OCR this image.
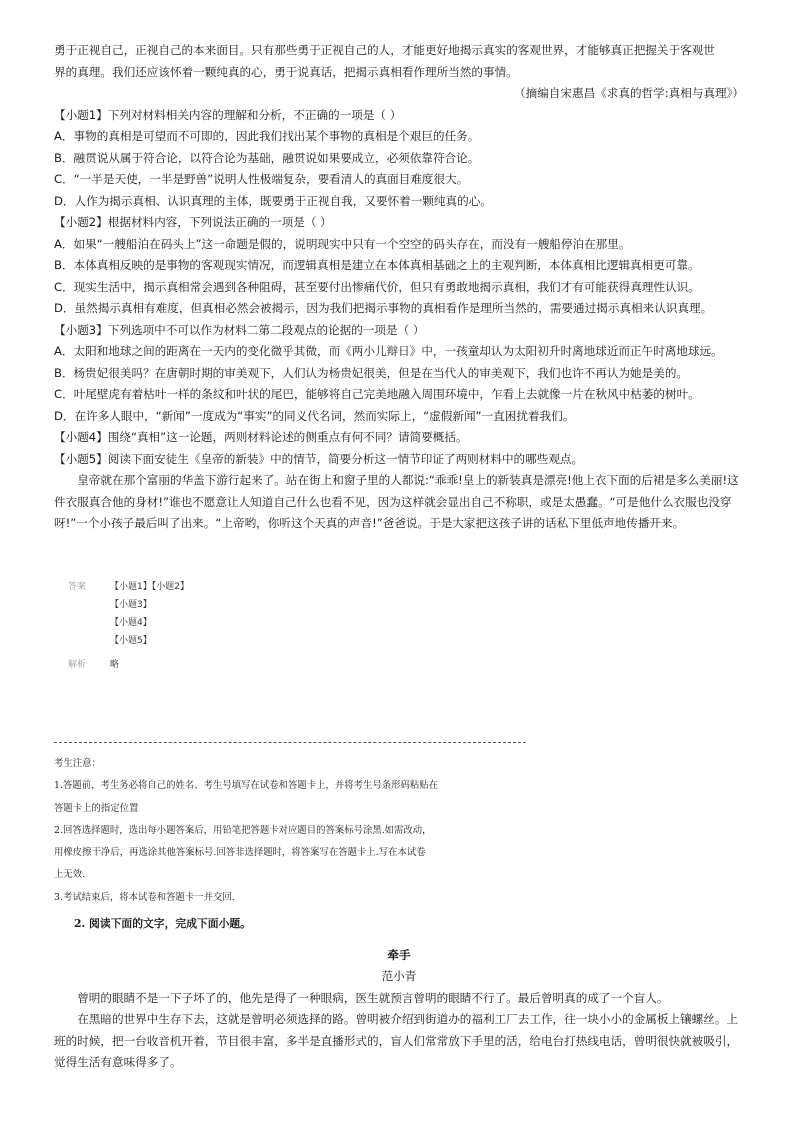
勇于正视自己，正视自己的本来面目。只有那些勇于正视自己的人，才能更好地揭示真实的客观世界，才能够真正把握关于客观世

界的真理。我们还应该怀着一颗纯真的心，勇于说真话，把揭示真相看作理所当然的事情。

（摘编自宋惠昌《求真的哲学:真相与真理》）

【小题1】下列对材料相关内容的理解和分析，不正确的一项是（ ）

A．事物的真相是可望而不可即的，因此我们找出某个事物的真相是个艰巨的任务。

B．融贯说从属于符合论，以符合论为基础，融贯说如果要成立，必须依靠符合论。

C．“一半是天使，一半是野兽”说明人性极端复杂，要看清人的真面目难度很大。

D．人作为揭示真相、认识真理的主体，既要勇于正视自我，又要怀着一颗纯真的心。

【小题2】根据材料内容，下列说法正确的一项是（ ）

A．如果“一艘船泊在码头上”这一命题是假的，说明现实中只有一个空空的码头存在，而没有一艘船停泊在那里。

B．本体真相反映的是事物的客观现实情况，而逻辑真相是建立在本体真相基础之上的主观判断，本体真相比逻辑真相更可靠。

C．现实生活中，揭示真相常会遇到各种阻碍，甚至要付出惨痛代价，但只有勇敢地揭示真相，我们才有可能获得真理性认识。

D．虽然揭示真相有难度，但真相必然会被揭示，因为我们把揭示事物的真相看作是理所当然的，需要通过揭示真相来认识真理。

【小题3】下列选项中不可以作为材料二第二段观点的论据的一项是（ ）

A．太阳和地球之间的距离在一天内的变化微乎其微，而《两小儿辩日》中，一孩童却认为太阳初升时离地球近而正午时离地球远。

B．杨贵妃很美吗？在唐朝时期的审美观下，人们认为杨贵妃很美，但是在当代人的审美观下，我们也许不再认为她是美的。

C．叶尾壁虎有着枯叶一样的条纹和叶状的尾巴，能够将自己完美地融入周围环境中，乍看上去就像一片在秋风中枯萎的树叶。

D．在许多人眼中，“新闻”一度成为“事实”的同义代名词，然而实际上，“虚假新闻”一直困扰着我们。

【小题4】围绕“真相”这一论题，两则材料论述的侧重点有何不同？请简要概括。

【小题5】阅读下面安徒生《皇帝的新装》中的情节，简要分析这一情节印证了两则材料中的哪些观点。

皇帝就在那个富丽的华盖下游行起来了。站在街上和窗子里的人都说:“乖乖!皇上的新装真是漂亮!他上衣下面的后裙是多么美丽!这件衣服真合他的身材!”谁也不愿意让人知道自己什么也看不见，因为这样就会显出自己不称职，或是太愚蠢。“可是他什么衣服也没穿呀!”一个小孩子最后叫了出来。“上帝哟，你听这个天真的声音!”爸爸说。于是大家把这孩子讲的话私下里低声地传播开来。

答案	【小题1】【小题2】
【小题3】
【小题4】
【小题5】
解析	略

考生注意：

1.答题前，考生务必将自己的姓名、考生号填写在试卷和答题卡上，并将考生号条形码粘贴在

答题卡上的指定位置

2.回答选择题时，选出每小题答案后，用铅笔把答题卡对应题目的答案标号涂黑.如需改动，

用橡皮擦干净后，再选涂其他答案标号.回答非选择题时，将答案写在答题卡上.写在本试卷

上无效.

3.考试结束后，将本试卷和答题卡一并交回.

2. 阅读下面的文字，完成下面小题。

牵手

范小青

曾明的眼睛不是一下子坏了的，他先是得了一种眼病，医生就预言曾明的眼睛不行了。最后曾明真的成了一个盲人。

在黑暗的世界中生存下去，这就是曾明必须选择的路。曾明被介绍到街道办的福利工厂去工作，往一块小小的金属板上镶螺丝。上班的时候，把一台收音机开着，节目很丰富，多半是直播形式的，盲人们常常放下手里的活，给电台打热线电话，曾明很快就被吸引，觉得生活有意味得多了。
